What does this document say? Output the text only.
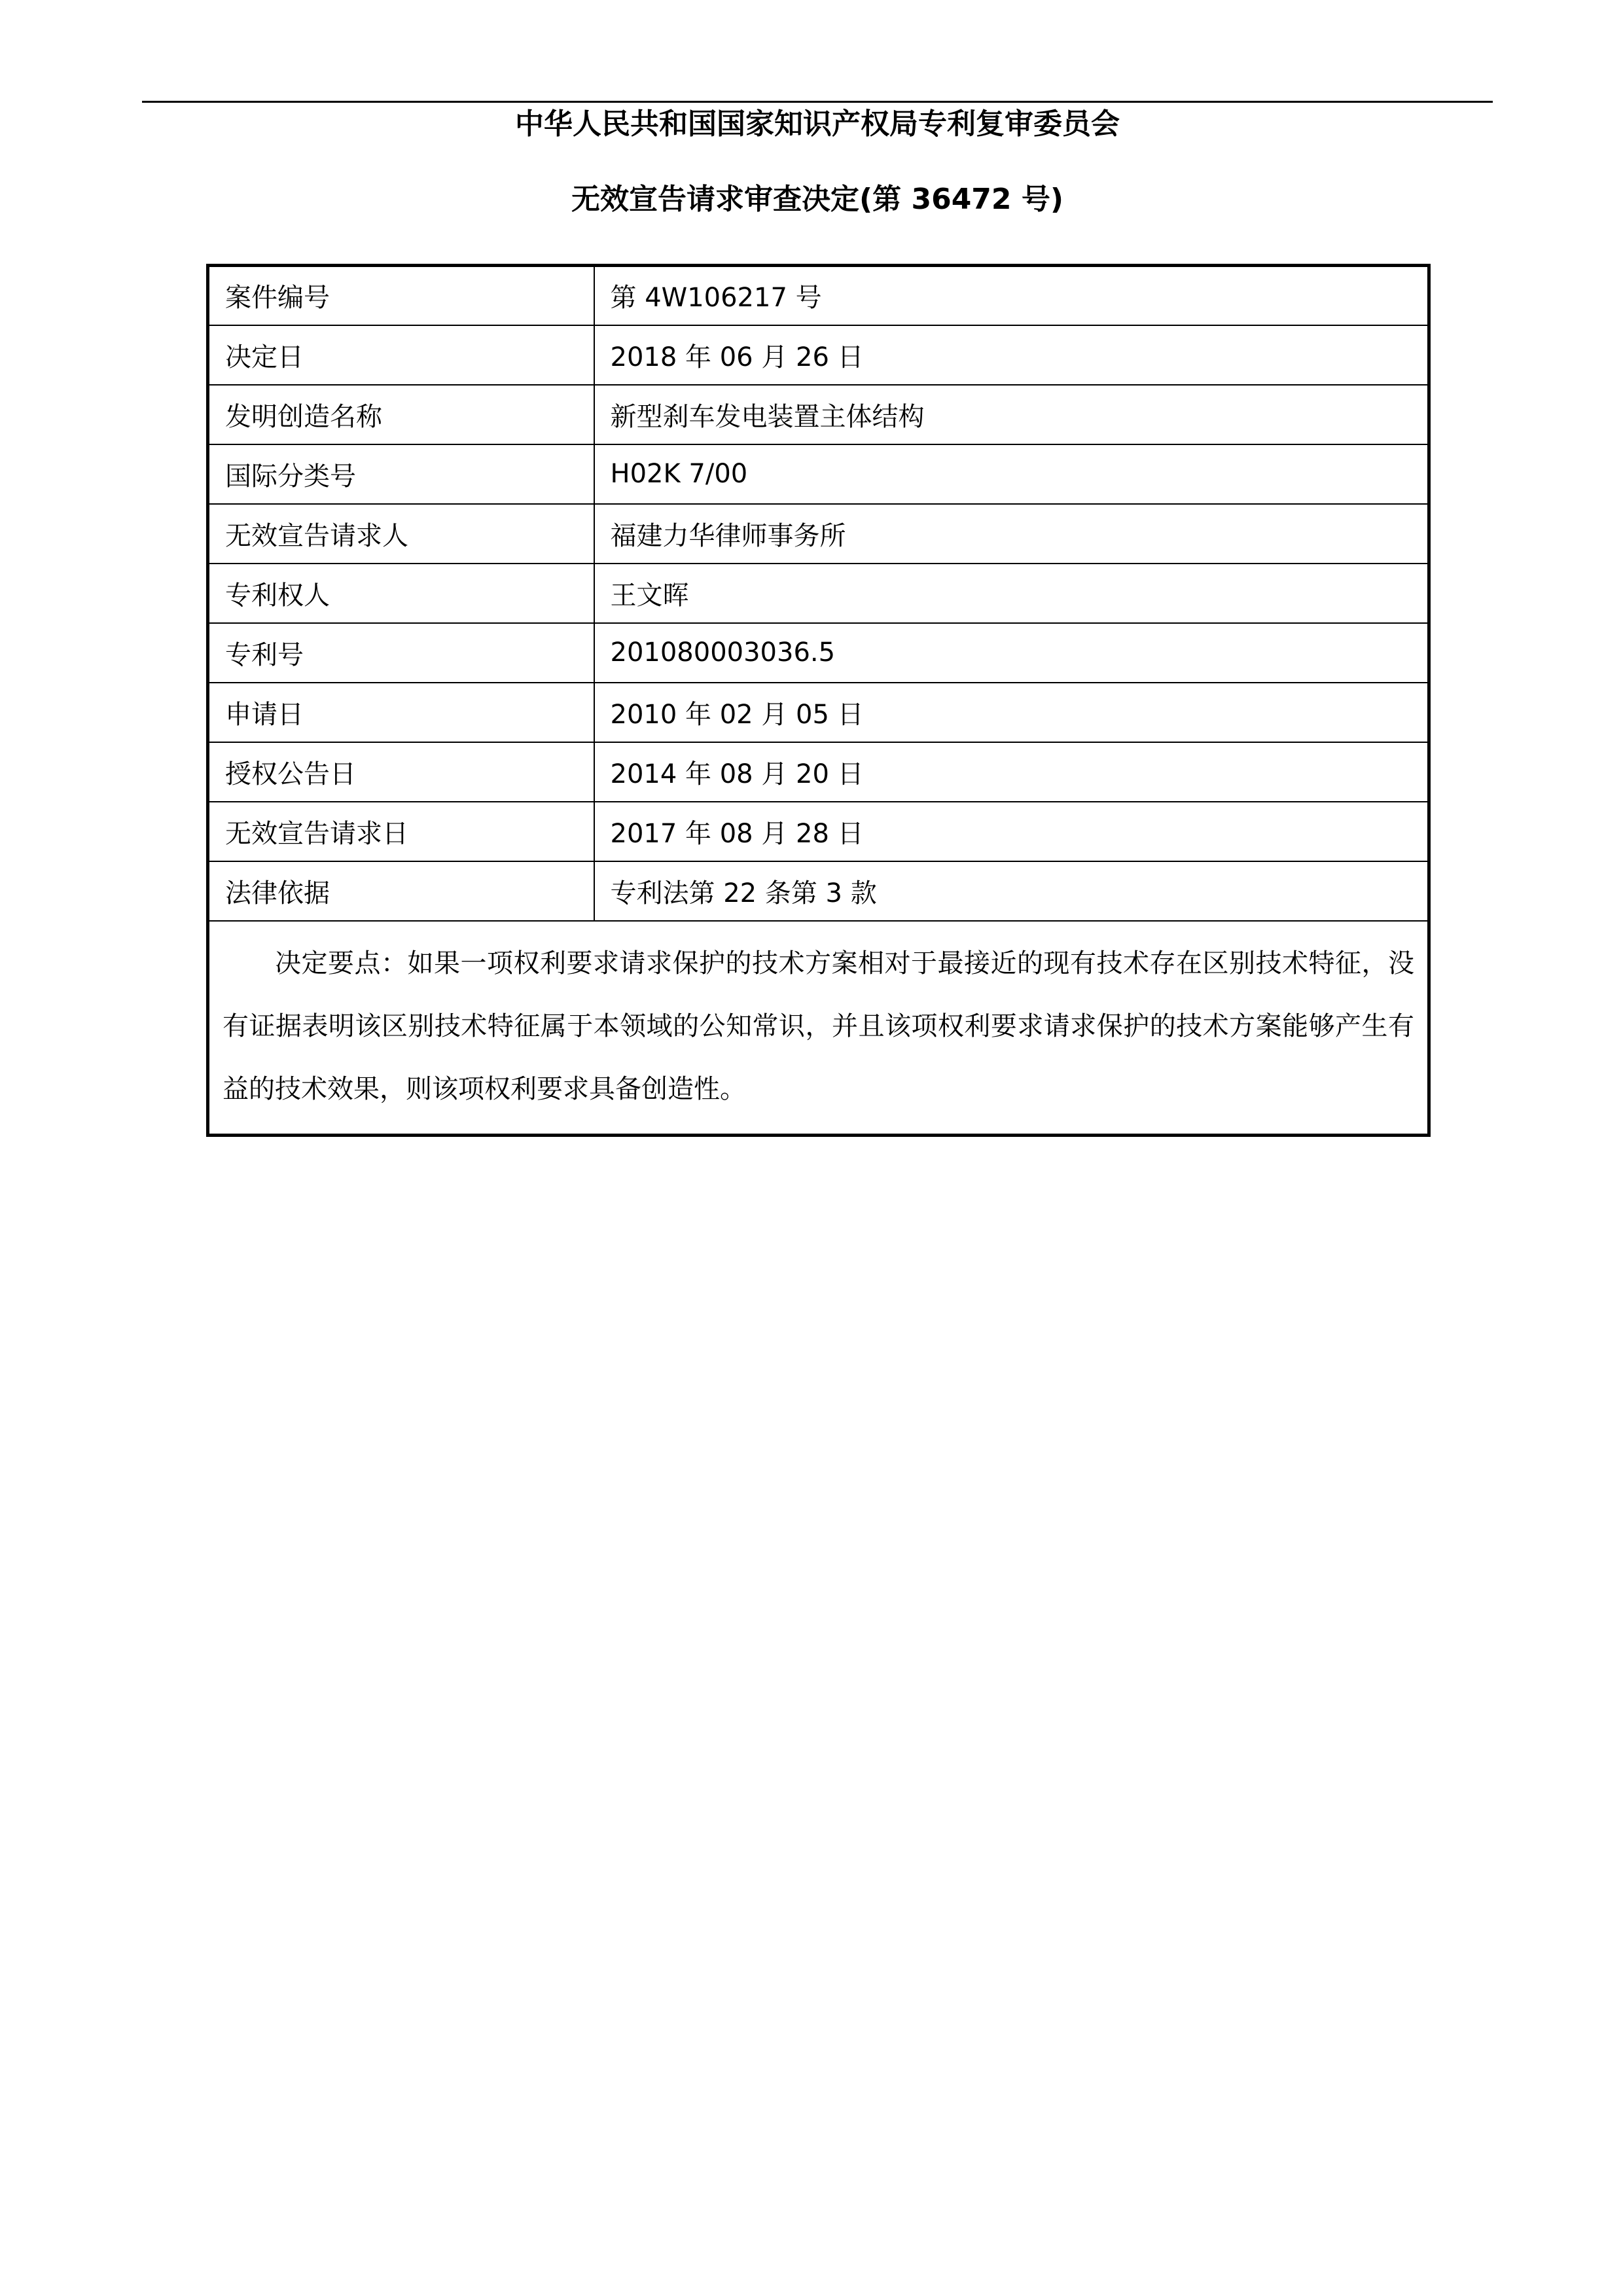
中华人民共和国国家知识产权局专利复审委员会
无效宣告请求审查决定(第 36472 号)
案件编号	第 4W106217 号
决定日	2018 年 06 月 26 日
发明创造名称	新型刹车发电装置主体结构
国际分类号	H02K 7/00
无效宣告请求人	福建力华律师事务所
专利权人	王文晖
专利号	201080003036.5
申请日	2010 年 02 月 05 日
授权公告日	2014 年 08 月 20 日
无效宣告请求日	2017 年 08 月 28 日
法律依据	专利法第 22 条第 3 款
决定要点：如果一项权利要求请求保护的技术方案相对于最接近的现有技术存在区别技术特征，没有证据表明该区别技术特征属于本领域的公知常识，并且该项权利要求请求保护的技术方案能够产生有益的技术效果，则该项权利要求具备创造性。	
